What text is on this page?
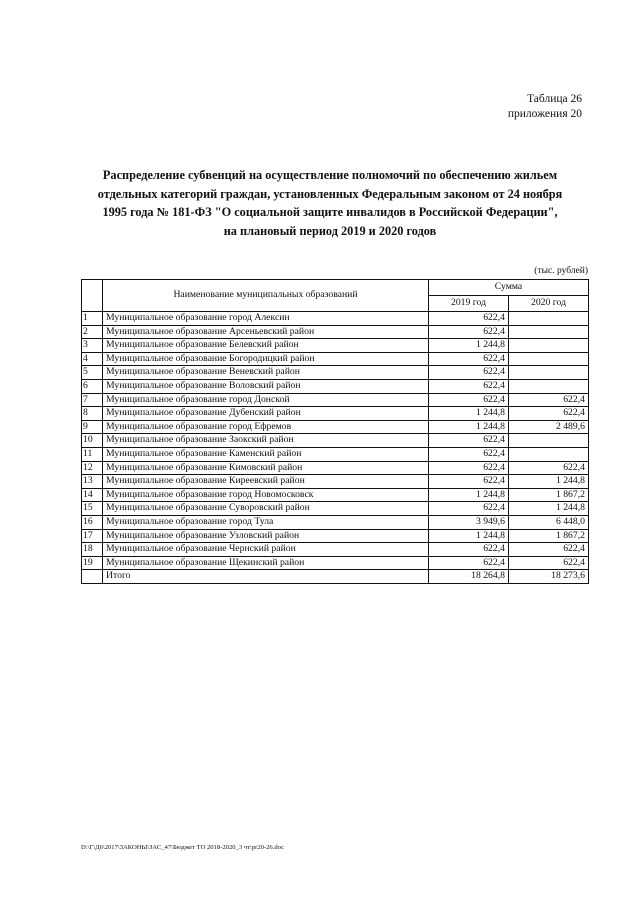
Таблица 26
приложения 20
Распределение субвенций на осуществление полномочий по обеспечению жильем
отдельных категорий граждан, установленных Федеральным законом от 24 ноября
1995 года № 181-ФЗ "О социальной защите инвалидов в Российской Федерации",
на плановый период 2019 и 2020 годов
(тыс. рублей)
	Наименование муниципальных образований	Сумма	
		2019 год	2020 год
1	Муниципальное образование город Алексин	622,4	
2	Муниципальное образование Арсеньевский район	622,4	
3	Муниципальное образование Белевский район	1 244,8	
4	Муниципальное образование Богородицкий район	622,4	
5	Муниципальное образование Веневский район	622,4	
6	Муниципальное образование Воловский район	622,4	
7	Муниципальное образование город Донской	622,4	622,4
8	Муниципальное образование Дубенский район	1 244,8	622,4
9	Муниципальное образование город Ефремов	1 244,8	2 489,6
10	Муниципальное образование Заокский район	622,4	
11	Муниципальное образование Каменский район	622,4	
12	Муниципальное образование Кимовский район	622,4	622,4
13	Муниципальное образование Киреевский район	622,4	1 244,8
14	Муниципальное образование город Новомосковск	1 244,8	1 867,2
15	Муниципальное образование Суворовский район	622,4	1 244,8
16	Муниципальное образование город Тула	3 949,6	6 448,0
17	Муниципальное образование Узловский район	1 244,8	1 867,2
18	Муниципальное образование Чернский район	622,4	622,4
19	Муниципальное образование Щекинский район	622,4	622,4
	Итого	18 264,8	18 273,6
D:\Г\Д6\2017\ЗАКОНЫ\ЗАС_47\Бюджет ТО 2018-2020_3 чт\pr20-26.doc
